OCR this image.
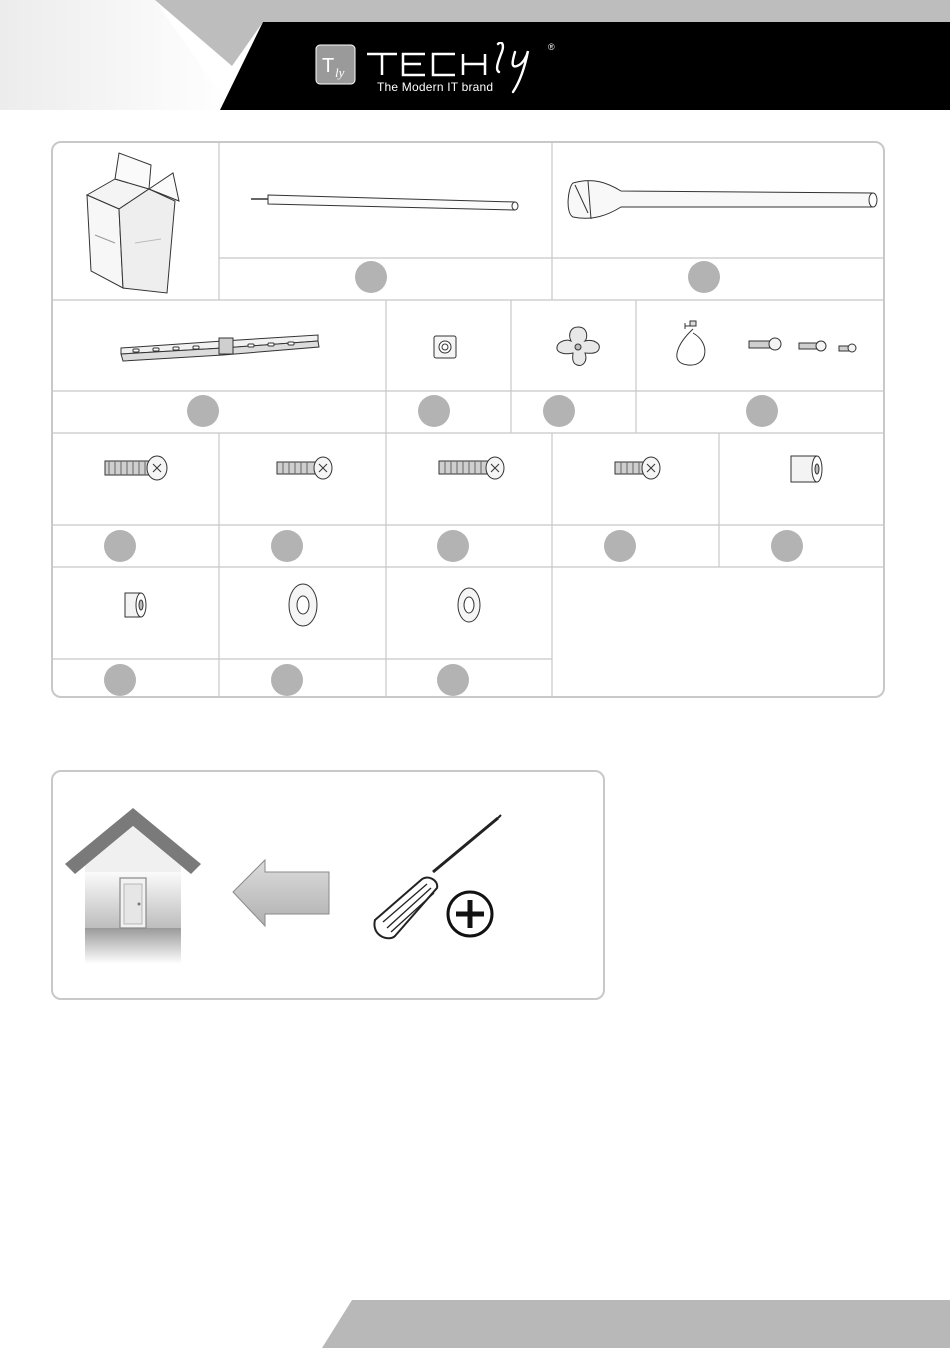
T ly
®
The Modern IT brand
